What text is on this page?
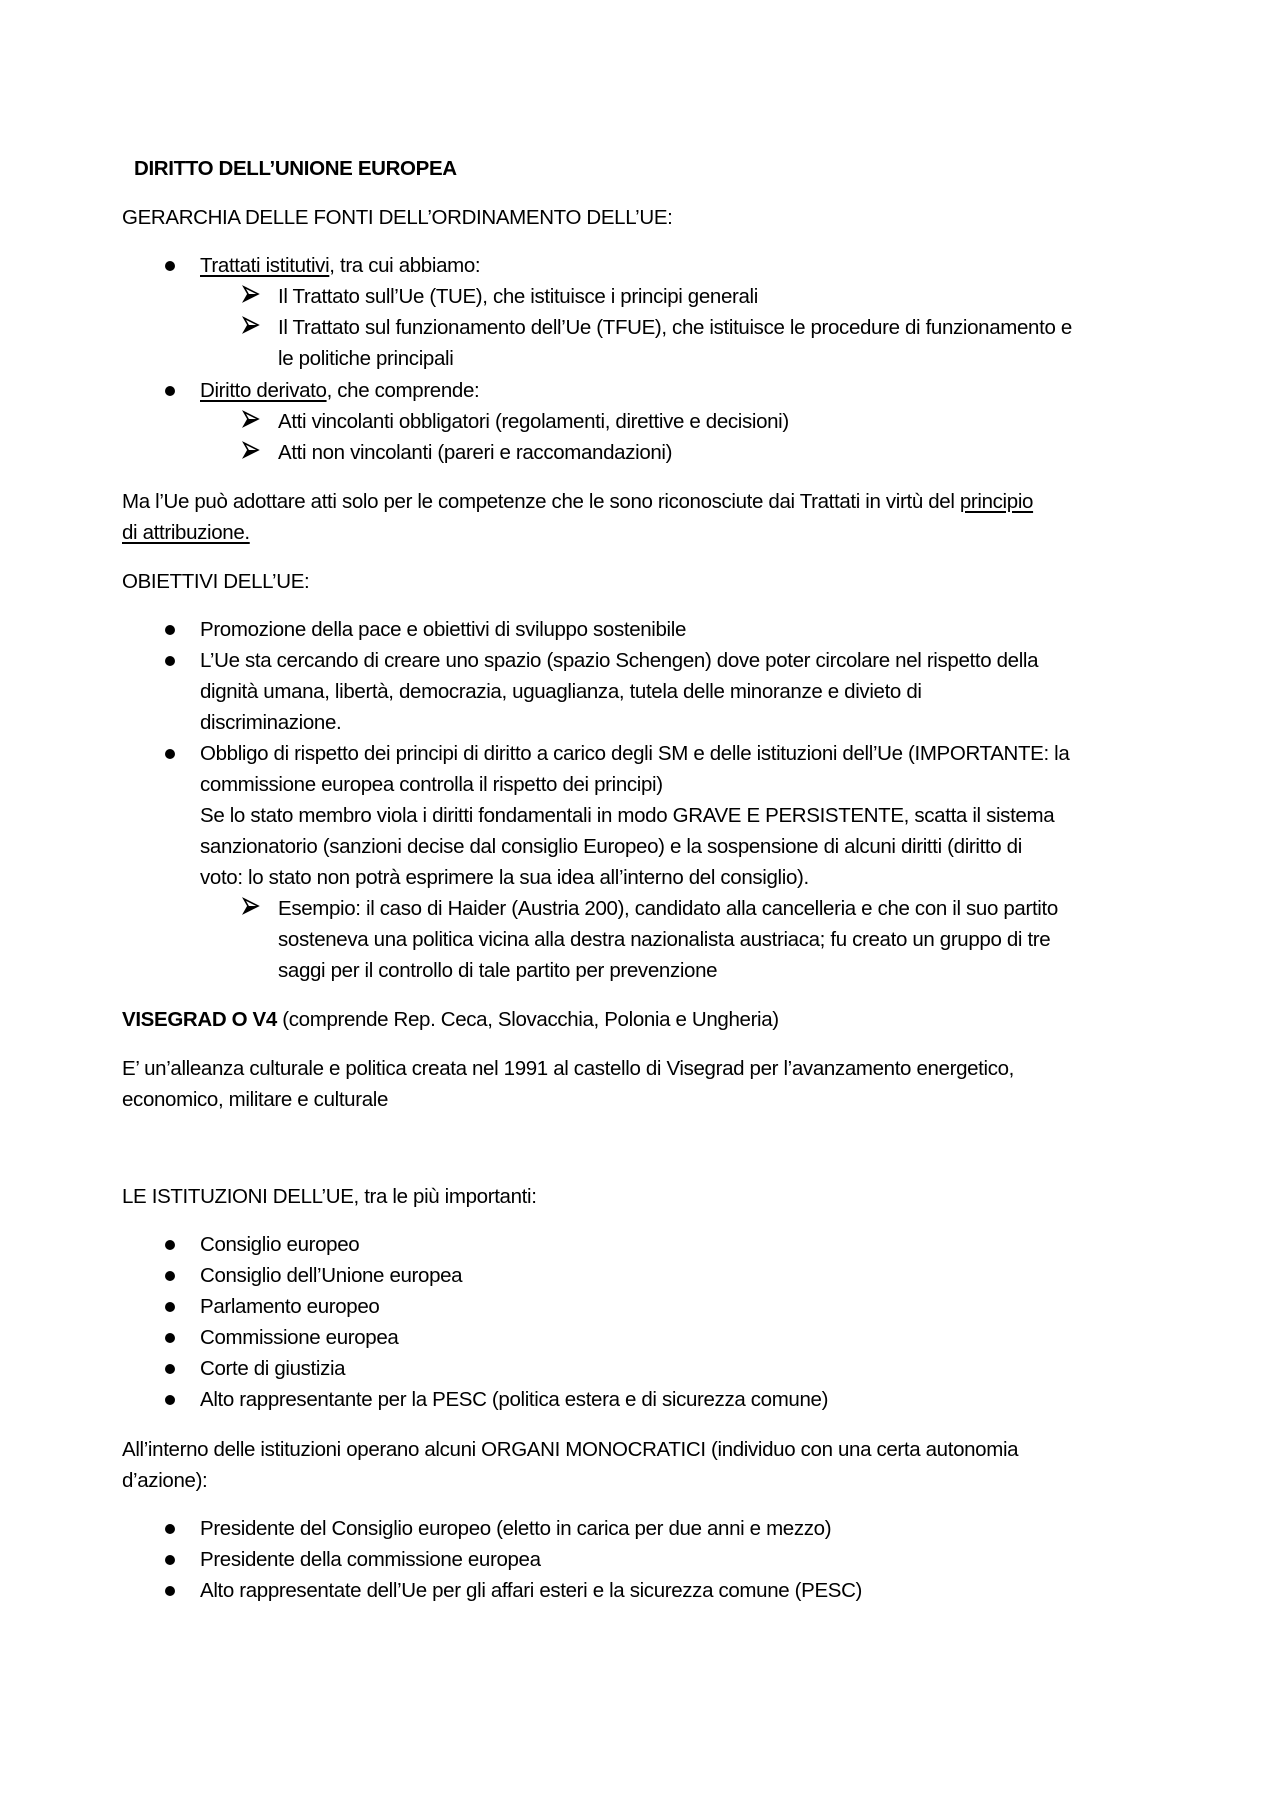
DIRITTO DELL’UNIONE EUROPEA
GERARCHIA DELLE FONTI DELL’ORDINAMENTO DELL’UE:
Trattati istitutivi, tra cui abbiamo:
Il Trattato sull’Ue (TUE), che istituisce i principi generali
Il Trattato sul funzionamento dell’Ue (TFUE), che istituisce le procedure di funzionamento e
le politiche principali
Diritto derivato, che comprende:
Atti vincolanti obbligatori (regolamenti, direttive e decisioni)
Atti non vincolanti (pareri e raccomandazioni)
Ma l’Ue può adottare atti solo per le competenze che le sono riconosciute dai Trattati in virtù del principio
di attribuzione.
OBIETTIVI DELL’UE:
Promozione della pace e obiettivi di sviluppo sostenibile
L’Ue sta cercando di creare uno spazio (spazio Schengen) dove poter circolare nel rispetto della
dignità umana, libertà, democrazia, uguaglianza, tutela delle minoranze e divieto di
discriminazione.
Obbligo di rispetto dei principi di diritto a carico degli SM e delle istituzioni dell’Ue (IMPORTANTE: la
commissione europea controlla il rispetto dei principi)
Se lo stato membro viola i diritti fondamentali in modo GRAVE E PERSISTENTE, scatta il sistema
sanzionatorio (sanzioni decise dal consiglio Europeo) e la sospensione di alcuni diritti (diritto di
voto: lo stato non potrà esprimere la sua idea all’interno del consiglio).
Esempio: il caso di Haider (Austria 200), candidato alla cancelleria e che con il suo partito
sosteneva una politica vicina alla destra nazionalista austriaca; fu creato un gruppo di tre
saggi per il controllo di tale partito per prevenzione
VISEGRAD O V4 (comprende Rep. Ceca, Slovacchia, Polonia e Ungheria)
E’ un’alleanza culturale e politica creata nel 1991 al castello di Visegrad per l’avanzamento energetico,
economico, militare e culturale
LE ISTITUZIONI DELL’UE, tra le più importanti:
Consiglio europeo
Consiglio dell’Unione europea
Parlamento europeo
Commissione europea
Corte di giustizia
Alto rappresentante per la PESC (politica estera e di sicurezza comune)
All’interno delle istituzioni operano alcuni ORGANI MONOCRATICI (individuo con una certa autonomia
d’azione):
Presidente del Consiglio europeo (eletto in carica per due anni e mezzo)
Presidente della commissione europea
Alto rappresentate dell’Ue per gli affari esteri e la sicurezza comune (PESC)
